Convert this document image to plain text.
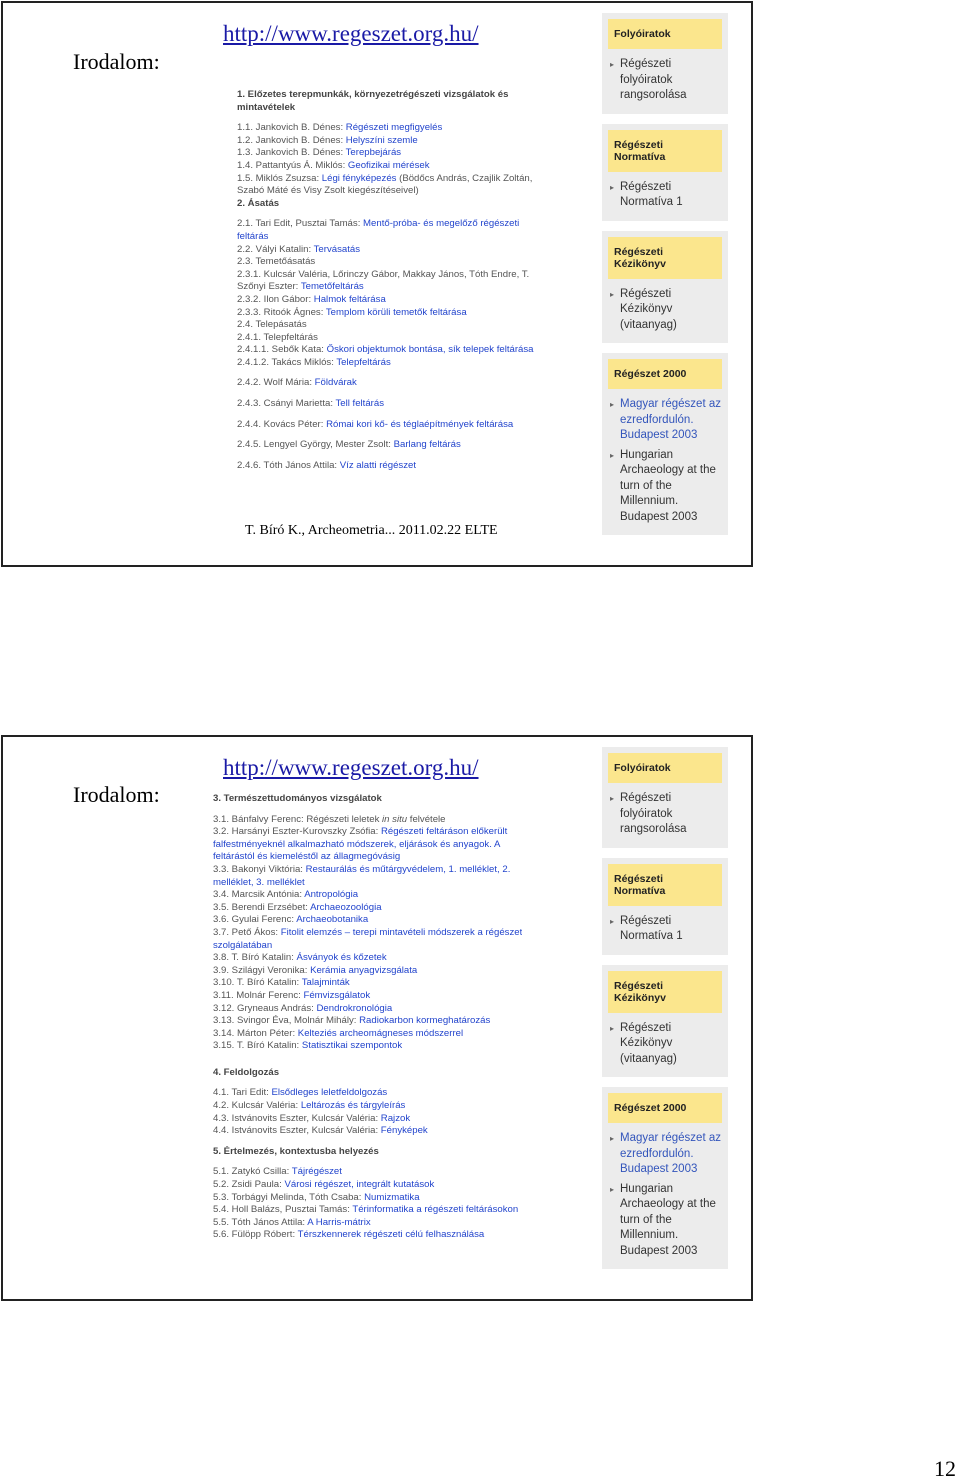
Irodalom:
http://www.regeszet.org.hu/
1. Előzetes terepmunkák, környezetrégészeti vizsgálatok és
mintavételek
1.1. Jankovich B. Dénes: Régészeti megfigyelés
1.2. Jankovich B. Dénes: Helyszíni szemle
1.3. Jankovich B. Dénes: Terepbejárás
1.4. Pattantyús Á. Miklós: Geofizikai mérések
1.5. Miklós Zsuzsa: Légi fényképezés (Bödőcs András, Czajlik Zoltán,
Szabó Máté és Visy Zsolt kiegészítéseivel)
2. Ásatás
2.1. Tari Edit, Pusztai Tamás: Mentő-próba- és megelőző régészeti
feltárás
2.2. Vályi Katalin: Tervásatás
2.3. Temetőásatás
2.3.1. Kulcsár Valéria, Lőrinczy Gábor, Makkay János, Tóth Endre, T.
Szőnyi Eszter: Temetőfeltárás
2.3.2. Ilon Gábor: Halmok feltárása
2.3.3. Ritoók Ágnes: Templom körüli temetők feltárása
2.4. Telepásatás
2.4.1. Telepfeltárás
2.4.1.1. Sebők Kata: Őskori objektumok bontása, sík telepek feltárása
2.4.1.2. Takács Miklós: Telepfeltárás
2.4.2. Wolf Mária: Földvárak
2.4.3. Csányi Marietta: Tell feltárás
2.4.4. Kovács Péter: Római kori kő- és téglaépítmények feltárása
2.4.5. Lengyel György, Mester Zsolt: Barlang feltárás
2.4.6. Tóth János Attila: Víz alatti régészet
T. Bíró K., Archeometria... 2011.02.22 ELTE
Folyóiratok
▸ Régészeti folyóiratok rangsorolása
Régészeti Normatíva
▸ Régészeti Normatíva 1
Régészeti Kézikönyv
▸ Régészeti Kézikönyv (vitaanyag)
Régészet 2000
▸ Magyar régészet az ezredfordulón. Budapest 2003
▸ Hungarian Archaeology at the turn of the Millennium. Budapest 2003
Irodalom:
http://www.regeszet.org.hu/
3. Természettudományos vizsgálatok
3.1. Bánfalvy Ferenc: Régészeti leletek in situ felvétele
3.2. Harsányi Eszter-Kurovszky Zsófia: Régészeti feltáráson előkerült
falfestményeknél alkalmazható módszerek, eljárások és anyagok. A
feltárástól és kiemeléstől az állagmegóvásig
3.3. Bakonyi Viktória: Restaurálás és műtárgyvédelem, 1. melléklet, 2.
melléklet, 3. melléklet
3.4. Marcsik Antónia: Antropológia
3.5. Berendi Erzsébet: Archaeozoológia
3.6. Gyulai Ferenc: Archaeobotanika
3.7. Pető Ákos: Fitolit elemzés – terepi mintavételi módszerek a régészet
szolgálatában
3.8. T. Bíró Katalin: Ásványok és kőzetek
3.9. Szilágyi Veronika: Kerámia anyagvizsgálata
3.10. T. Bíró Katalin: Talajminták
3.11. Molnár Ferenc: Fémvizsgálatok
3.12. Gryneaus András: Dendrokronológia
3.13. Svingor Éva, Molnár Mihály: Radiokarbon kormeghatározás
3.14. Márton Péter: Kelteziés archeomágneses módszerrel
3.15. T. Bíró Katalin: Statisztikai szempontok
4. Feldolgozás
4.1. Tari Edit: Elsődleges leletfeldolgozás
4.2. Kulcsár Valéria: Leltározás és tárgyleírás
4.3. Istvánovits Eszter, Kulcsár Valéria: Rajzok
4.4. Istvánovits Eszter, Kulcsár Valéria: Fényképek
5. Értelmezés, kontextusba helyezés
5.1. Zatykó Csilla: Tájrégészet
5.2. Zsidi Paula: Városi régészet, integrált kutatások
5.3. Torbágyi Melinda, Tóth Csaba: Numizmatika
5.4. Holl Balázs, Pusztai Tamás: Térinformatika a régészeti feltárásokon
5.5. Tóth János Attila: A Harris-mátrix
5.6. Fülöpp Róbert: Térszkennerek régészeti célú felhasználása
Folyóiratok
▸ Régészeti folyóiratok rangsorolása
Régészeti Normatíva
▸ Régészeti Normatíva 1
Régészeti Kézikönyv
▸ Régészeti Kézikönyv (vitaanyag)
Régészet 2000
▸ Magyar régészet az ezredfordulón. Budapest 2003
▸ Hungarian Archaeology at the turn of the Millennium. Budapest 2003
12
